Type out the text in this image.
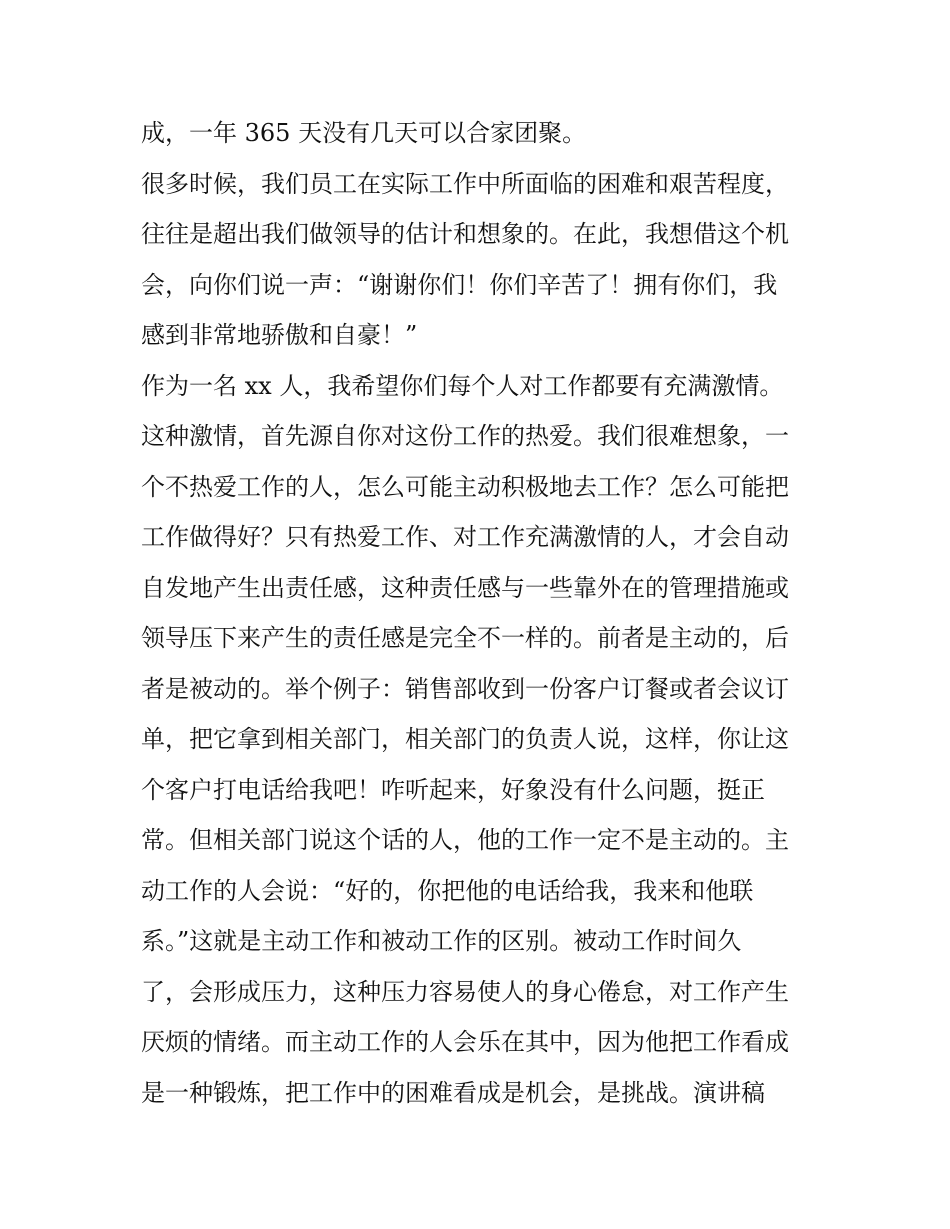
成，一年 365 天没有几天可以合家团聚。
很多时候，我们员工在实际工作中所面临的困难和艰苦程度，
往往是超出我们做领导的估计和想象的。在此，我想借这个机
会，向你们说一声：“谢谢你们！你们辛苦了！拥有你们，我
感到非常地骄傲和自豪！”
作为一名 xx 人，我希望你们每个人对工作都要有充满激情。
这种激情，首先源自你对这份工作的热爱。我们很难想象，一
个不热爱工作的人，怎么可能主动积极地去工作？怎么可能把
工作做得好？只有热爱工作、对工作充满激情的人，才会自动
自发地产生出责任感，这种责任感与一些靠外在的管理措施或
领导压下来产生的责任感是完全不一样的。前者是主动的，后
者是被动的。举个例子：销售部收到一份客户订餐或者会议订
单，把它拿到相关部门，相关部门的负责人说，这样，你让这
个客户打电话给我吧！咋听起来，好象没有什么问题，挺正
常。但相关部门说这个话的人，他的工作一定不是主动的。主
动工作的人会说：“好的，你把他的电话给我，我来和他联
系。”这就是主动工作和被动工作的区别。被动工作时间久
了，会形成压力，这种压力容易使人的身心倦怠，对工作产生
厌烦的情绪。而主动工作的人会乐在其中，因为他把工作看成
是一种锻炼，把工作中的困难看成是机会，是挑战。演讲稿
